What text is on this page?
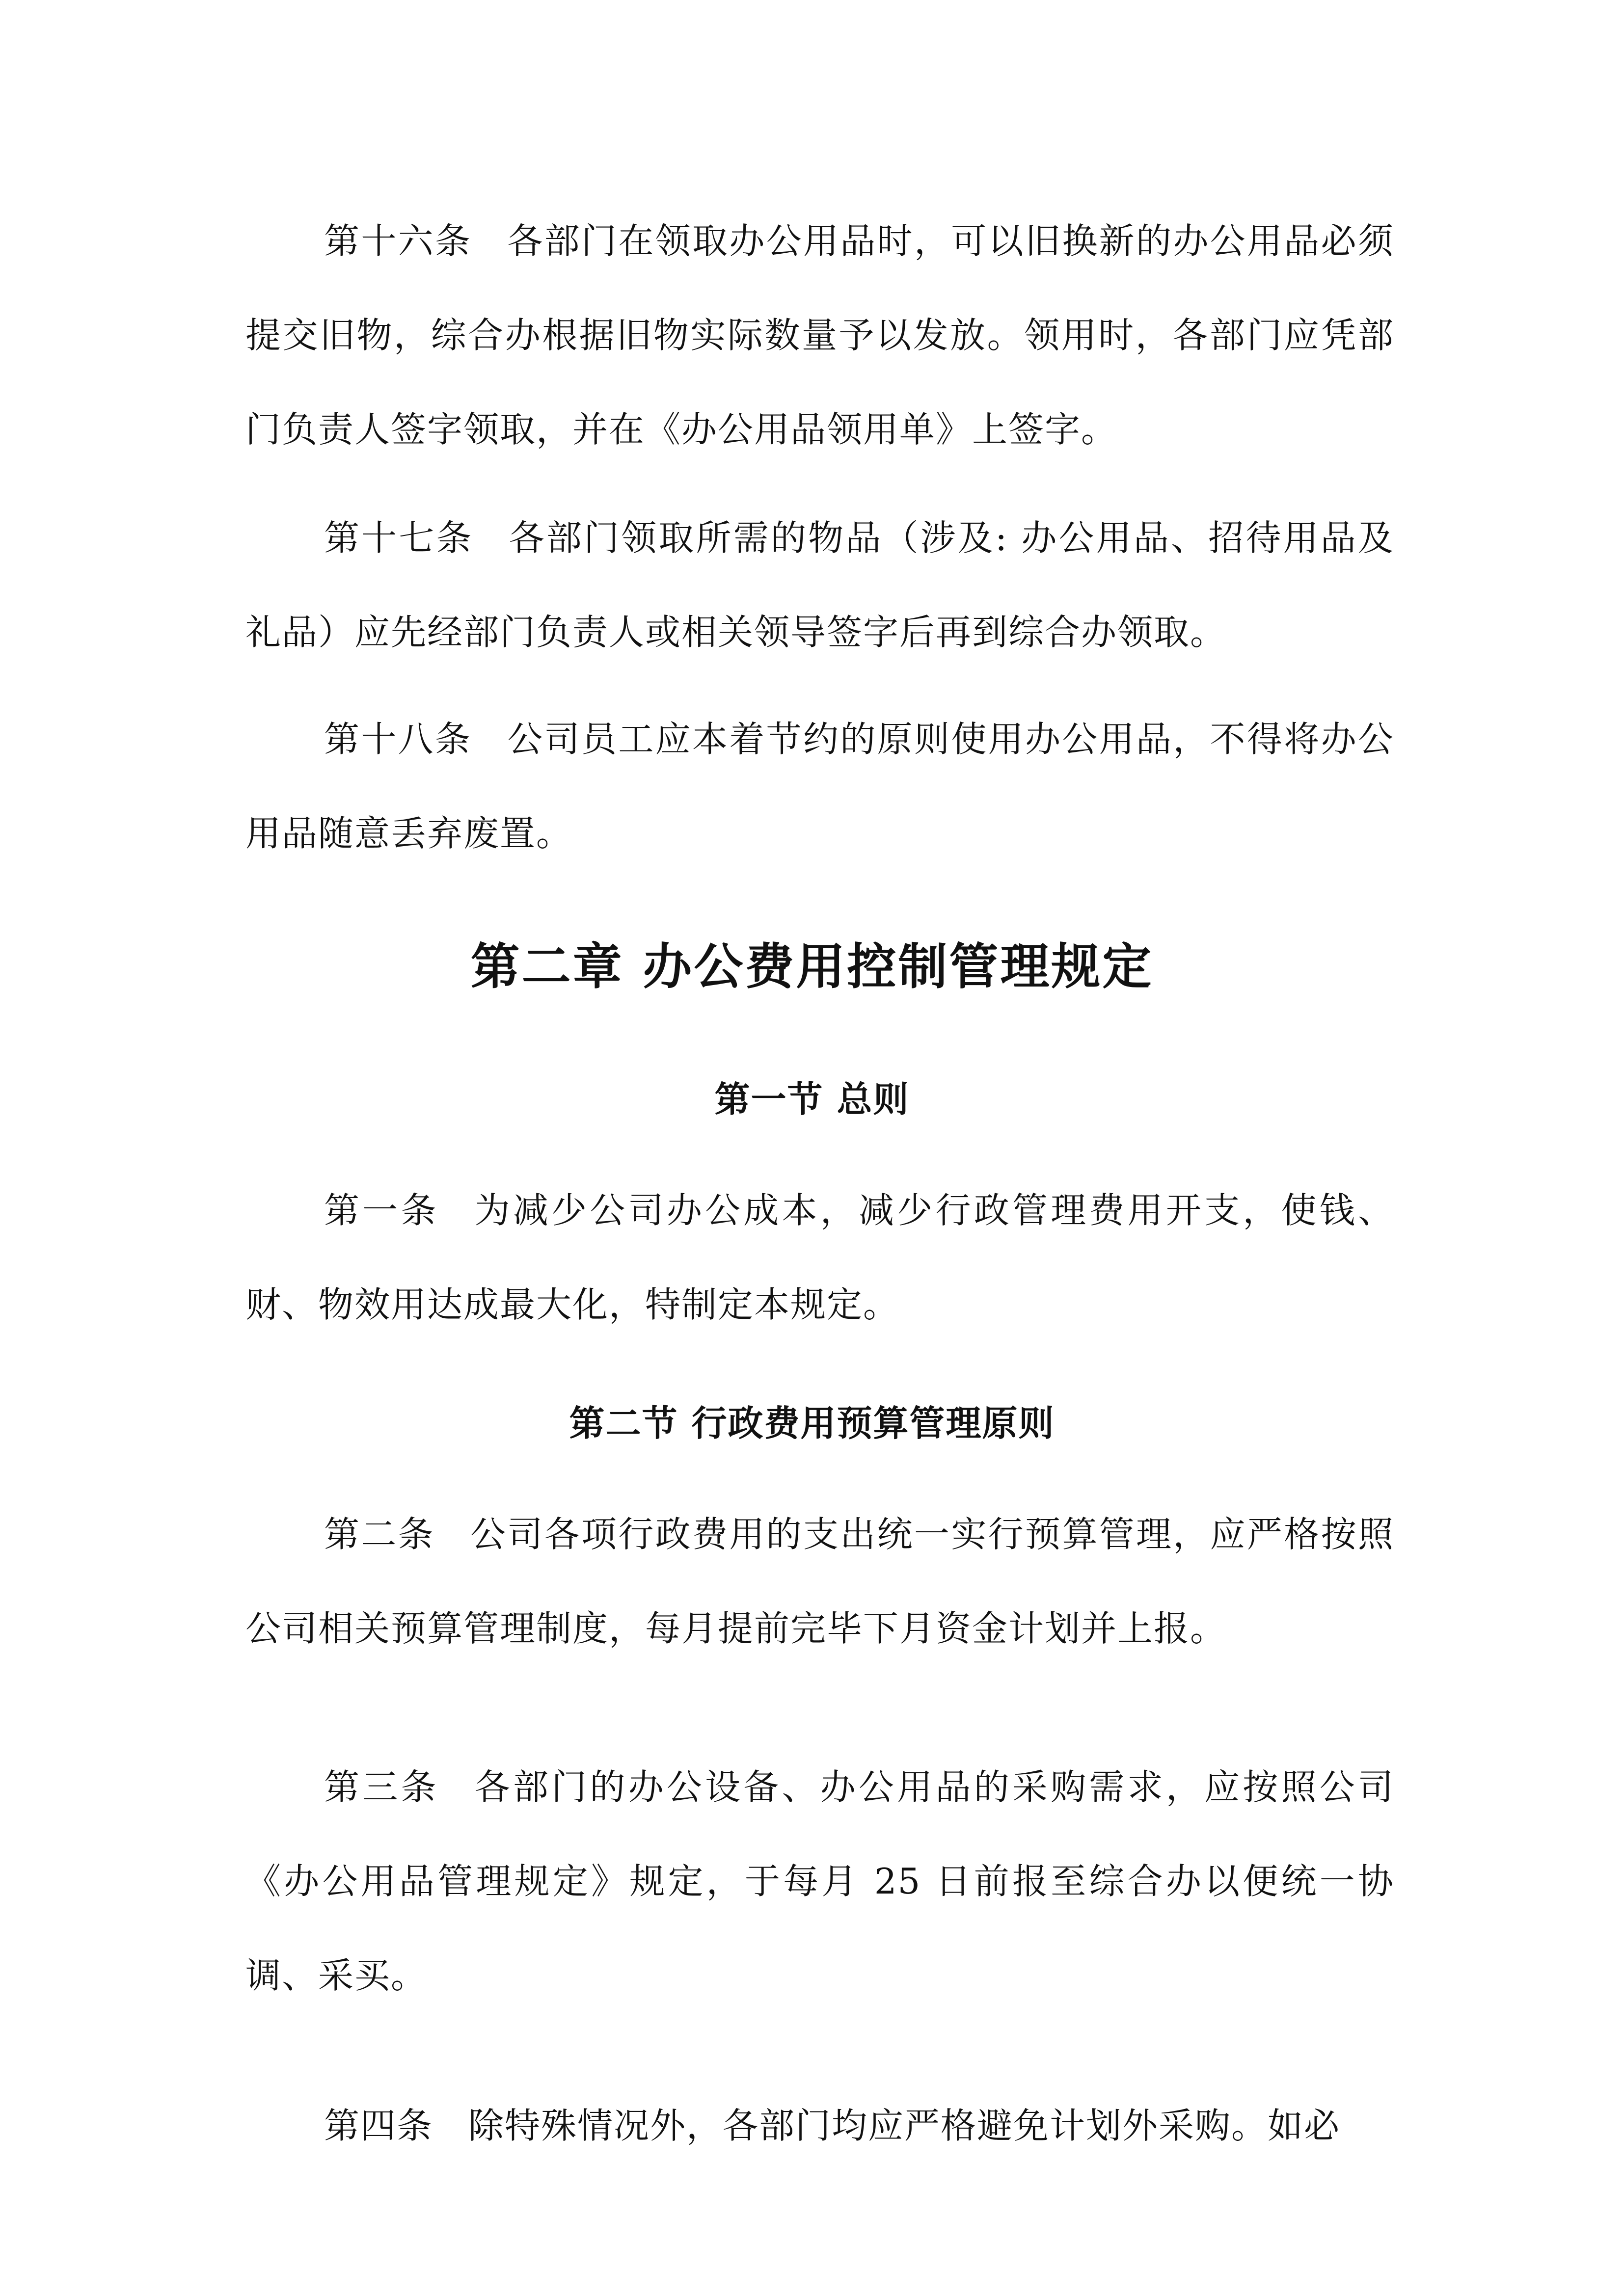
第十六条 各部门在领取办公用品时，可以旧换新的办公用品必须提交旧物，综合办根据旧物实际数量予以发放。领用时，各部门应凭部门负责人签字领取，并在《办公用品领用单》上签字。

第十七条 各部门领取所需的物品（涉及: 办公用品、招待用品及礼品）应先经部门负责人或相关领导签字后再到综合办领取。

第十八条 公司员工应本着节约的原则使用办公用品，不得将办公用品随意丢弃废置。

第二章 办公费用控制管理规定
第一节 总则

第一条 为减少公司办公成本，减少行政管理费用开支，使钱、财、物效用达成最大化，特制定本规定。

第二节 行政费用预算管理原则

第二条 公司各项行政费用的支出统一实行预算管理，应严格按照公司相关预算管理制度，每月提前完毕下月资金计划并上报。

第三条 各部门的办公设备、办公用品的采购需求，应按照公司《办公用品管理规定》规定，于每月 25 日前报至综合办以便统一协调、采买。

第四条 除特殊情况外，各部门均应严格避免计划外采购。如必
